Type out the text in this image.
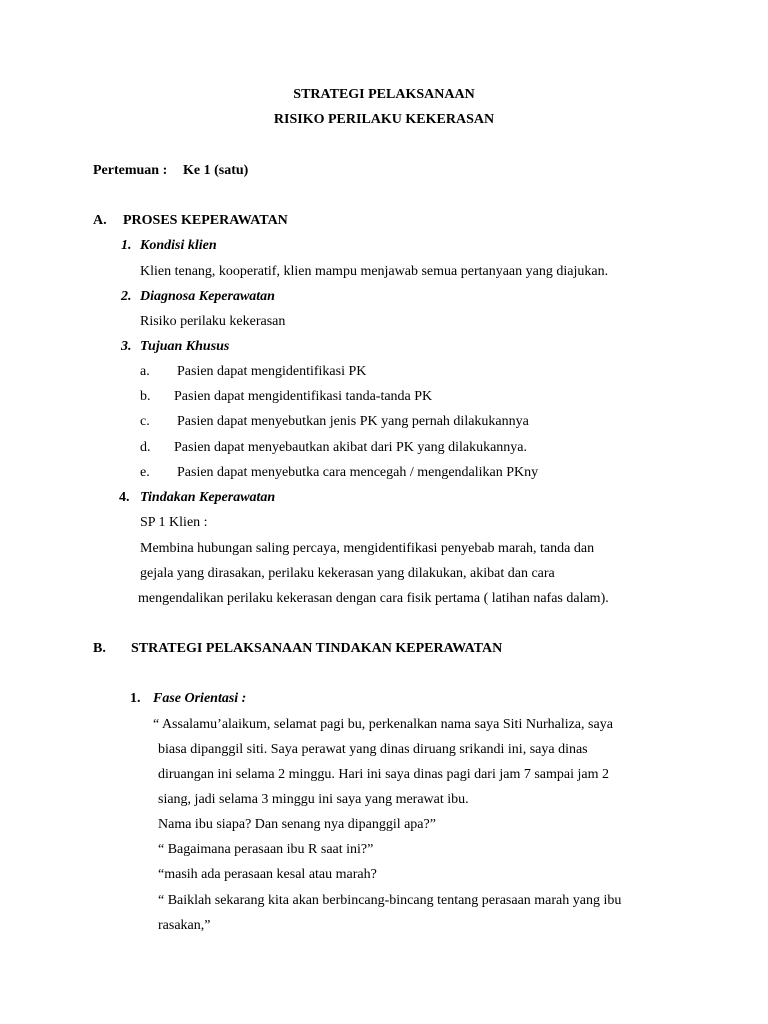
STRATEGI PELAKSANAAN
RISIKO PERILAKU KEKERASAN
Pertemuan : Ke 1 (satu)
A. PROSES KEPERAWATAN
1. Kondisi klien
Klien tenang, kooperatif, klien mampu menjawab semua pertanyaan yang diajukan.
2. Diagnosa Keperawatan
Risiko perilaku kekerasan
3. Tujuan Khusus
a. Pasien dapat mengidentifikasi PK
b. Pasien dapat mengidentifikasi tanda-tanda PK
c. Pasien dapat menyebutkan jenis PK yang pernah dilakukannya
d. Pasien dapat menyebautkan akibat dari PK yang dilakukannya.
e. Pasien dapat menyebutka cara mencegah / mengendalikan PKny
4. Tindakan Keperawatan
SP 1 Klien :
Membina hubungan saling percaya, mengidentifikasi penyebab marah, tanda dan
gejala yang dirasakan, perilaku kekerasan yang dilakukan, akibat dan cara
mengendalikan perilaku kekerasan dengan cara fisik pertama ( latihan nafas dalam).
B. STRATEGI PELAKSANAAN TINDAKAN KEPERAWATAN
1. Fase Orientasi :
“ Assalamu’alaikum, selamat pagi bu, perkenalkan nama saya Siti Nurhaliza, saya
biasa dipanggil siti. Saya perawat yang dinas diruang srikandi ini, saya dinas
diruangan ini selama 2 minggu. Hari ini saya dinas pagi dari jam 7 sampai jam 2
siang, jadi selama 3 minggu ini saya yang merawat ibu.
Nama ibu siapa? Dan senang nya dipanggil apa?”
“ Bagaimana perasaan ibu R saat ini?”
“masih ada perasaan kesal atau marah?
“ Baiklah sekarang kita akan berbincang-bincang tentang perasaan marah yang ibu
rasakan,”
